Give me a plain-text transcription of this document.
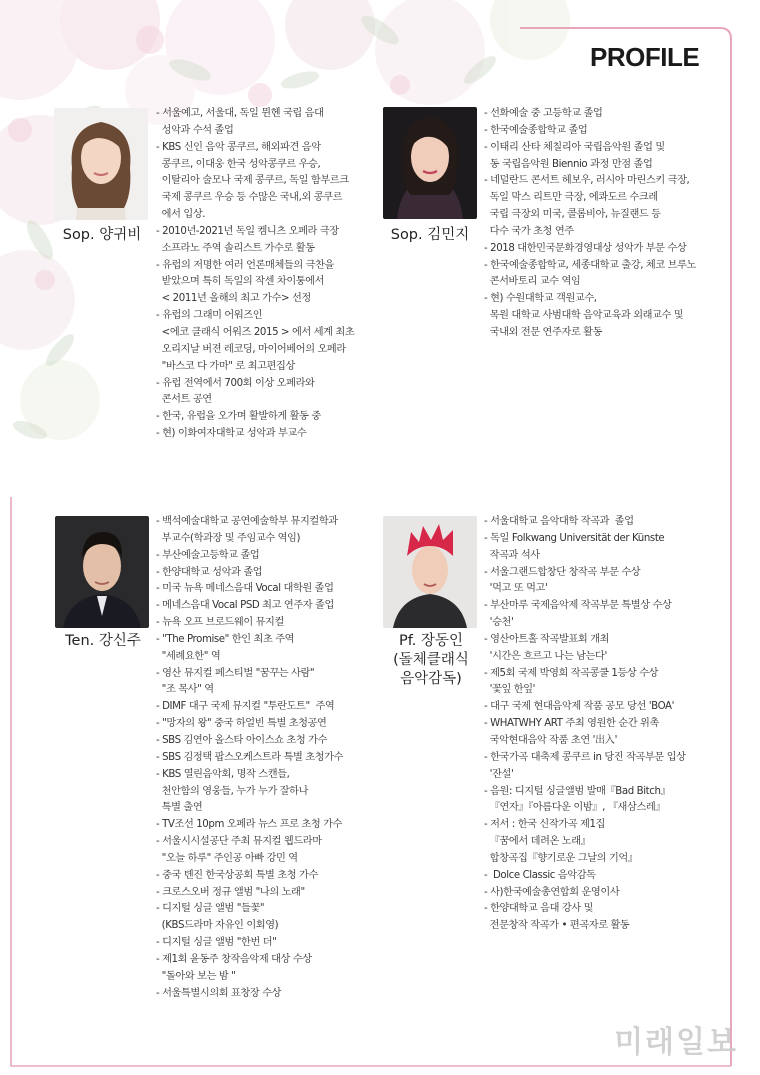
PROFILE
Sop. 양귀비
- 서울예고, 서울대, 독일 뮌헨 국립 음대
성악과 수석 졸업
- KBS 신인 음악 콩쿠르, 해외파견 음악
콩쿠르, 이대웅 한국 성악콩쿠르 우승,
이탈리아 술모나 국제 콩쿠르, 독일 함부르크
국제 콩쿠르 우승 등 수많은 국내,외 콩쿠르
에서 입상.
- 2010년-2021년 독일 켐니츠 오페라 극장
소프라노 주역 솔리스트 가수로 활동
- 유럽의 저명한 여러 언론매체들의 극찬을
받았으며 특히 독일의 작센 차이퉁에서
< 2011년 올해의 최고 가수> 선정
- 유럽의 그래미 어워즈인
<에코 클래식 어워즈 2015 > 에서 세계 최초
오리지날 버젼 레코딩, 마이어베어의 오페라
"바스코 다 가마" 로 최고편집상
- 유럽 전역에서 700회 이상 오페라와
콘서트 공연
- 한국, 유럽을 오가며 활발하게 활동 중
- 현) 이화여자대학교 성악과 부교수
Sop. 김민지
- 선화예술 중 고등학교 졸업
- 한국예술종합학교 졸업
- 이태리 산타 체칠리아 국립음악원 졸업 및
동 국립음악원 Biennio 과정 만점 졸업
- 네덜란드 콘서트 헤보우, 러시아 마린스키 극장,
독일 막스 리트만 극장, 에콰도르 수크레
국립 극장외 미국, 콜롬비아, 뉴질랜드 등
다수 국가 초청 연주
- 2018 대한민국문화경영대상 성악가 부문 수상
- 한국예술종합학교, 세종대학교 출강, 체코 브루노
콘서바토리 교수 역임
- 현) 수원대학교 객원교수,
목원 대학교 사범대학 음악교육과 외래교수 및
국내외 전문 연주자로 활동
Ten. 강신주
- 백석예술대학교 공연예술학부 뮤지컬학과
부교수(학과장 및 주임교수 역임)
- 부산예술고등학교 졸업
- 한양대학교 성악과 졸업
- 미국 뉴욕 메네스음대 Vocal 대학원 졸업
- 메네스음대 Vocal PSD 최고 연주자 졸업
- 뉴욕 오프 브로드웨이 뮤지컬
- "The Promise" 한인 최초 주역
"세례요한" 역
- 영산 뮤지컬 페스티벌 "꿈꾸는 사람"
"조 목사" 역
- DIMF 대구 국제 뮤지컬 "투란도트"  주역
- "망자의 왕" 중국 하얼빈 특별 초청공연
- SBS 김연아 올스타 아이스쇼 초청 가수
- SBS 김정택 팝스오케스트라 특별 초청가수
- KBS 열린음악회, 명작 스캔들,
천안함의 영웅들, 누가 누가 잘하나
특별 출연
- TV조선 10pm 오페라 뉴스 프로 초청 가수
- 서울시시설공단 주최 뮤지컬 웹드라마
"오늘 하루" 주인공 아빠 강민 역
- 중국 톈진 한국상공회 특별 초청 가수
- 크로스오버 정규 앨범 "나의 노래"
- 디지털 싱글 앨범 "들꽃"
(KBS드라마 자유인 이회영)
- 디지털 싱글 앨범 "한번 더"
- 제1회 윤동주 창작음악제 대상 수상
"돌아와 보는 밤 "
- 서울특별시의회 표창장 수상
Pf. 장동인
(돌체클래식
음악감독)
- 서울대학교 음악대학 작곡과  졸업
- 독일 Folkwang Universität der Künste
작곡과 석사
- 서울그랜드합창단 창작곡 부문 수상
'먹고 또 먹고'
- 부산마루 국제음악제 작곡부문 특별상 수상
'승천'
- 영산아트홀 작곡발표회 개최
'시간은 흐르고 나는 남는다'
- 제5회 국제 박영희 작곡콩쿨 1등상 수상
'꽃잎 한잎'
- 대구 국제 현대음악제 작품 공모 당선 'BOA'
- WHATWHY ART 주최 영원한 순간 위촉
국악현대음악 작품 초연 '出入'
- 한국가곡 대축제 콩쿠르 in 당진 작곡부문 입상
'잔설'
- 음원: 디지털 싱글앨범 발매『Bad Bitch』
『연자』『아름다운 이밤』, 『새삼스레』
- 저서 : 한국 신작가곡 제1집
『꿈에서 데려온 노래』
합창곡집『향기로운 그날의 기억』
-  Dolce Classic 음악감독
- 사)한국예술총연합회 운영이사
- 한양대학교 음대 강사 및
전문창작 작곡가 • 편곡자로 활동
미래일보
